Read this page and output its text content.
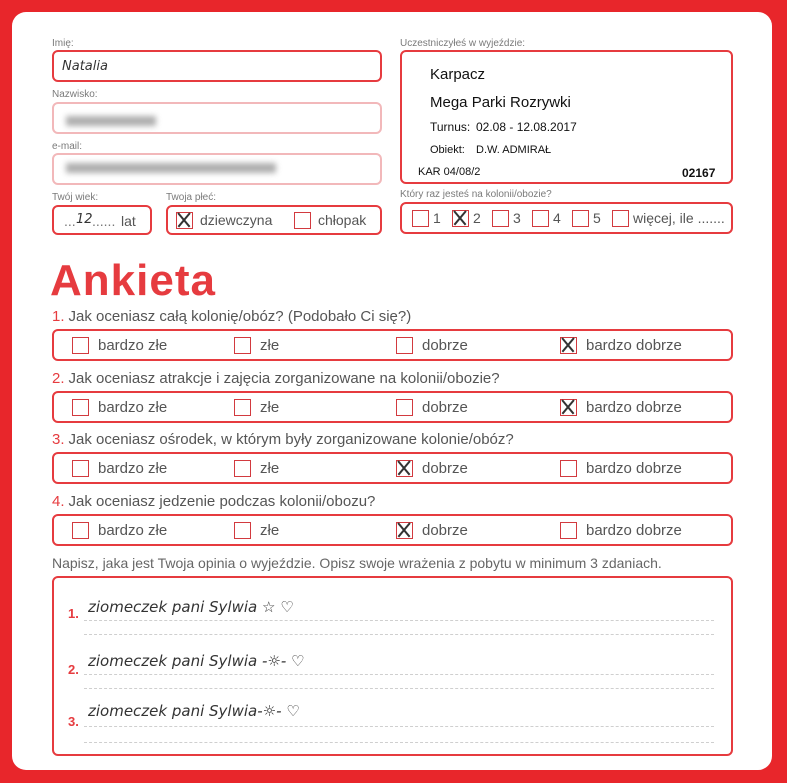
Imię:
Natalia
Nazwisko:
e-mail:
Twój wiek:
... 12 ...... lat
Twoja płeć:
dziewczyna	chłopak
Uczestniczyłeś w wyjeździe:
Karpacz
Mega Parki Rozrywki
Turnus: 02.08 - 12.08.2017
Obiekt: D.W. ADMIRAŁ
KAR 04/08/2	02167
Który raz jesteś na kolonii/obozie?
1 2 3 4 5 więcej, ile .......
Ankieta
1. Jak oceniasz całą kolonię/obóz? (Podobało Ci się?)
bardzo złe	złe	dobrze	bardzo dobrze
2. Jak oceniasz atrakcje i zajęcia zorganizowane na kolonii/obozie?
bardzo złe	złe	dobrze	bardzo dobrze
3. Jak oceniasz ośrodek, w którym były zorganizowane kolonie/obóz?
bardzo złe	złe	dobrze	bardzo dobrze
4. Jak oceniasz jedzenie podczas kolonii/obozu?
bardzo złe	złe	dobrze	bardzo dobrze
Napisz, jaka jest Twoja opinia o wyjeździe. Opisz swoje wrażenia z pobytu w minimum 3 zdaniach.
1. ziomeczek pani Sylwia ☆ ♡
2. ziomeczek pani Sylwia -☼- ♡
3.
ziomeczek pani Sylwia-☼- ♡
